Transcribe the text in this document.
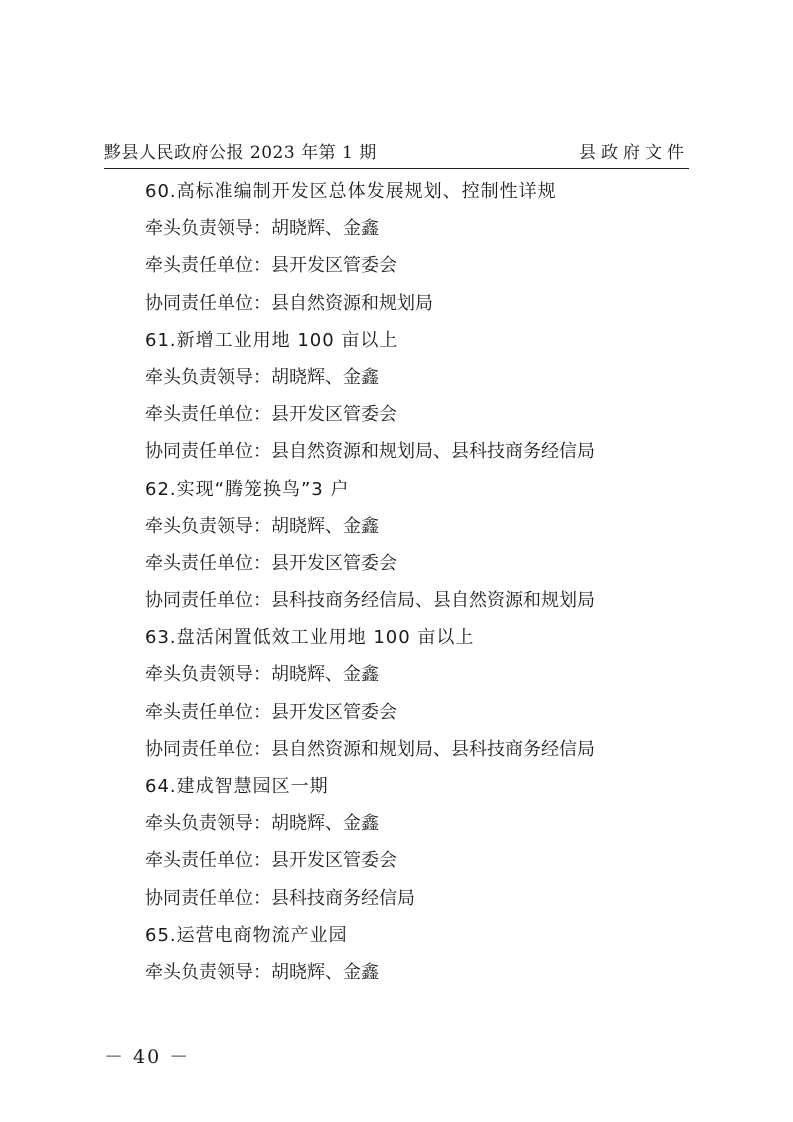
黟县人民政府公报 2023 年第 1 期	县政府文件
60.高标准编制开发区总体发展规划、控制性详规
牵头负责领导：胡晓辉、金鑫
牵头责任单位：县开发区管委会
协同责任单位：县自然资源和规划局
61.新增工业用地 100 亩以上
牵头负责领导：胡晓辉、金鑫
牵头责任单位：县开发区管委会
协同责任单位：县自然资源和规划局、县科技商务经信局
62.实现“腾笼换鸟”3 户
牵头负责领导：胡晓辉、金鑫
牵头责任单位：县开发区管委会
协同责任单位：县科技商务经信局、县自然资源和规划局
63.盘活闲置低效工业用地 100 亩以上
牵头负责领导：胡晓辉、金鑫
牵头责任单位：县开发区管委会
协同责任单位：县自然资源和规划局、县科技商务经信局
64.建成智慧园区一期
牵头负责领导：胡晓辉、金鑫
牵头责任单位：县开发区管委会
协同责任单位：县科技商务经信局
65.运营电商物流产业园
牵头负责领导：胡晓辉、金鑫
－ 40 －
